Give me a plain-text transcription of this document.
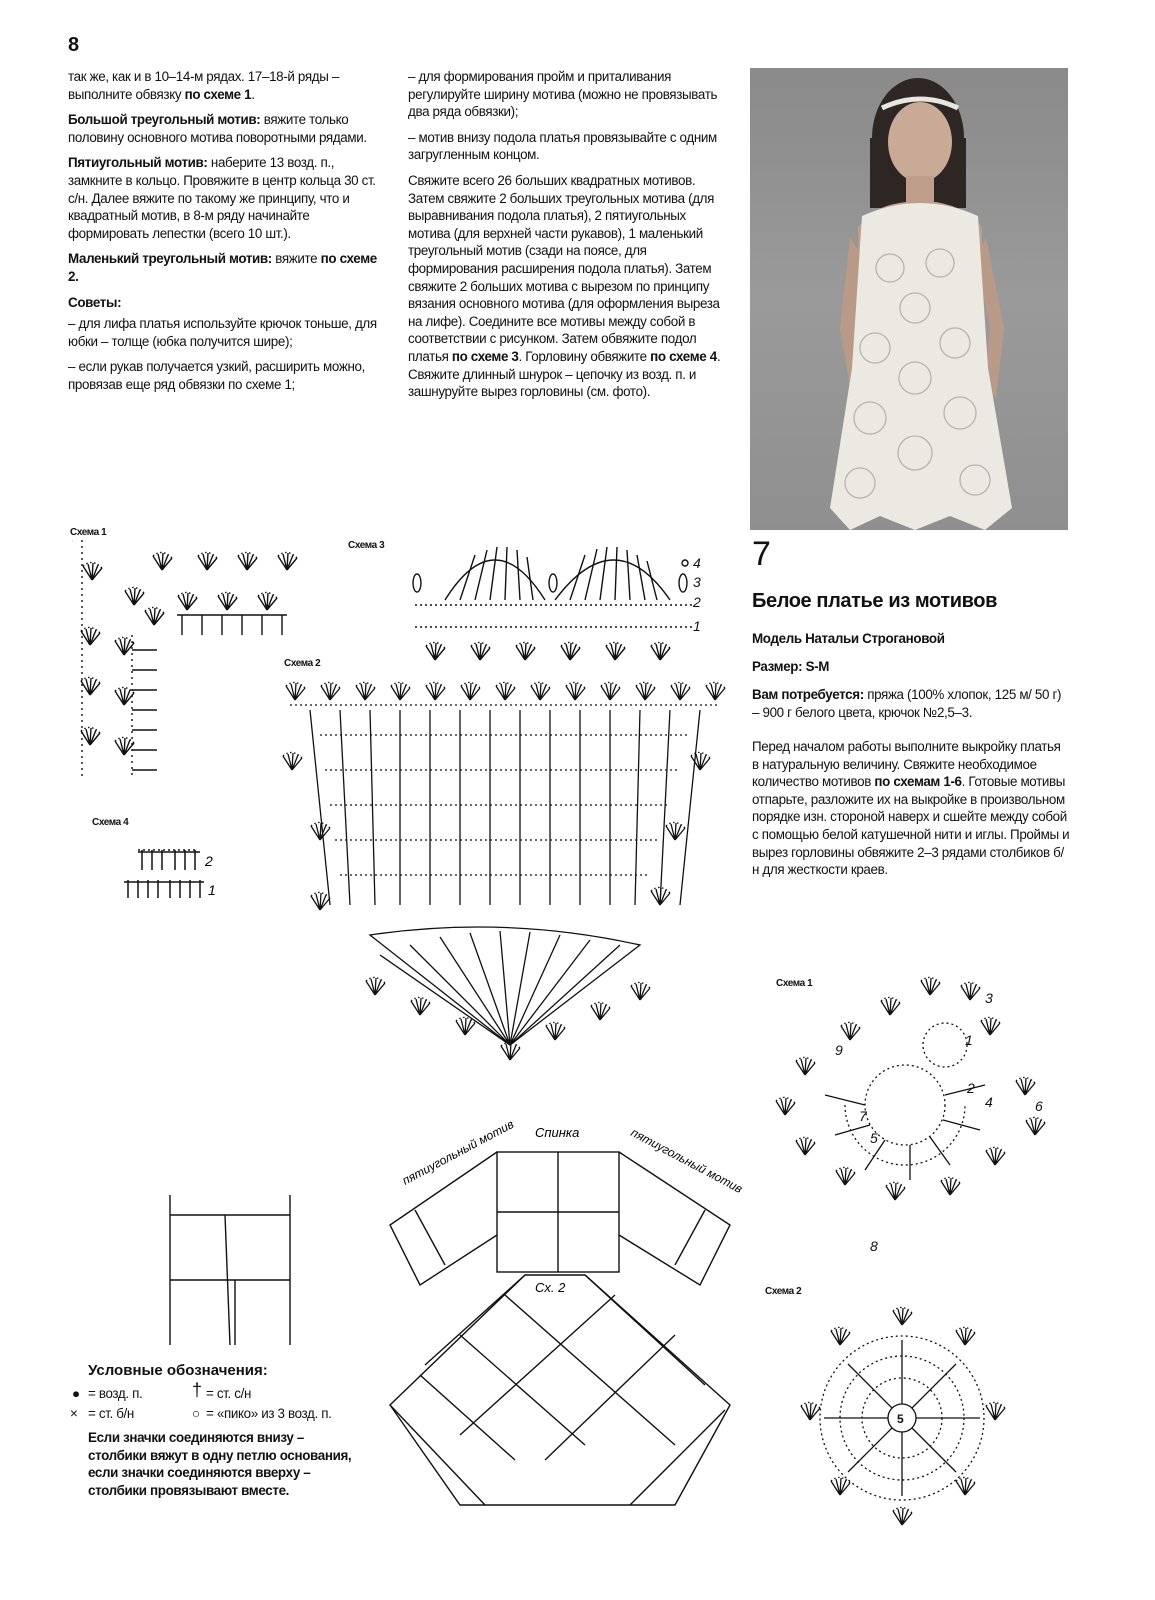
8

так же, как и в 10–14-м рядах. 17–18-й ряды – выполните обвязку по схеме 1.

Большой треугольный мотив: вяжите только половину основного мотива поворотными рядами.

Пятиугольный мотив: наберите 13 возд. п., замкните в кольцо. Провяжите в центр кольца 30 ст. с/н. Далее вяжите по такому же принципу, что и квадратный мотив, в 8-м ряду начинайте формировать лепестки (всего 10 шт.).

Маленький треугольный мотив: вяжите по схеме 2.

Советы:

– для лифа платья используйте крючок тоньше, для юбки – толще (юбка получится шире);

– если рукав получается узкий, расширить можно, провязав еще ряд обвязки по схеме 1;

– для формирования пройм и приталивания регулируйте ширину мотива (можно не провязывать два ряда обвязки);

– мотив внизу подола платья провязывайте с одним загругленным концом.

Свяжите всего 26 больших квадратных мотивов. Затем свяжите 2 больших треугольных мотива (для выравнивания подола платья), 2 пятиугольных мотива (для верхней части рукавов), 1 маленький треугольный мотив (сзади на поясе, для формирования расширения подола платья). Затем свяжите 2 больших мотива с вырезом по принципу вязания основного мотива (для оформления выреза на лифе). Соедините все мотивы между собой в соответствии с рисунком. Затем обвяжите подол платья по схеме 3. Горловину обвяжите по схеме 4. Свяжите длинный шнурок – цепочку из возд. п. и зашнуруйте вырез горловины (см. фото).

7
Белое платье из мотивов
Модель Натальи Строгановой
Размер: S-M
Вам потребуется: пряжа (100% хлопок, 125 м/ 50 г) – 900 г белого цвета, крючок №2,5–3.
Перед началом работы выполните выкройку платья в натуральную величину. Свяжите необходимое количество мотивов по схемам 1-6. Готовые мотивы отпарьте, разложите их на выкройке в произвольном порядке изн. стороной наверх и сшейте между собой с помощью белой катушечной нити и иглы. Проймы и вырез горловины обвяжите 2–3 рядами столбиков б/н для жесткости краев.
Схема 1
Схема 3
Схема 2
Схема 4
Схема 1
Схема 2
4
3
2
1
2
1
Спинка
Сх. 2
пятиугольный мотив	пятиугольный мотив
Условные обозначения:
● = возд. п.	† = ст. с/н
× = ст. б/н	○ = «пико» из 3 возд. п.
Если значки соединяются внизу – столбики вяжут в одну петлю основания, если значки соединяются вверху – столбики провязывают вместе.
3
1
9
2
4	6
7
5
8
5
